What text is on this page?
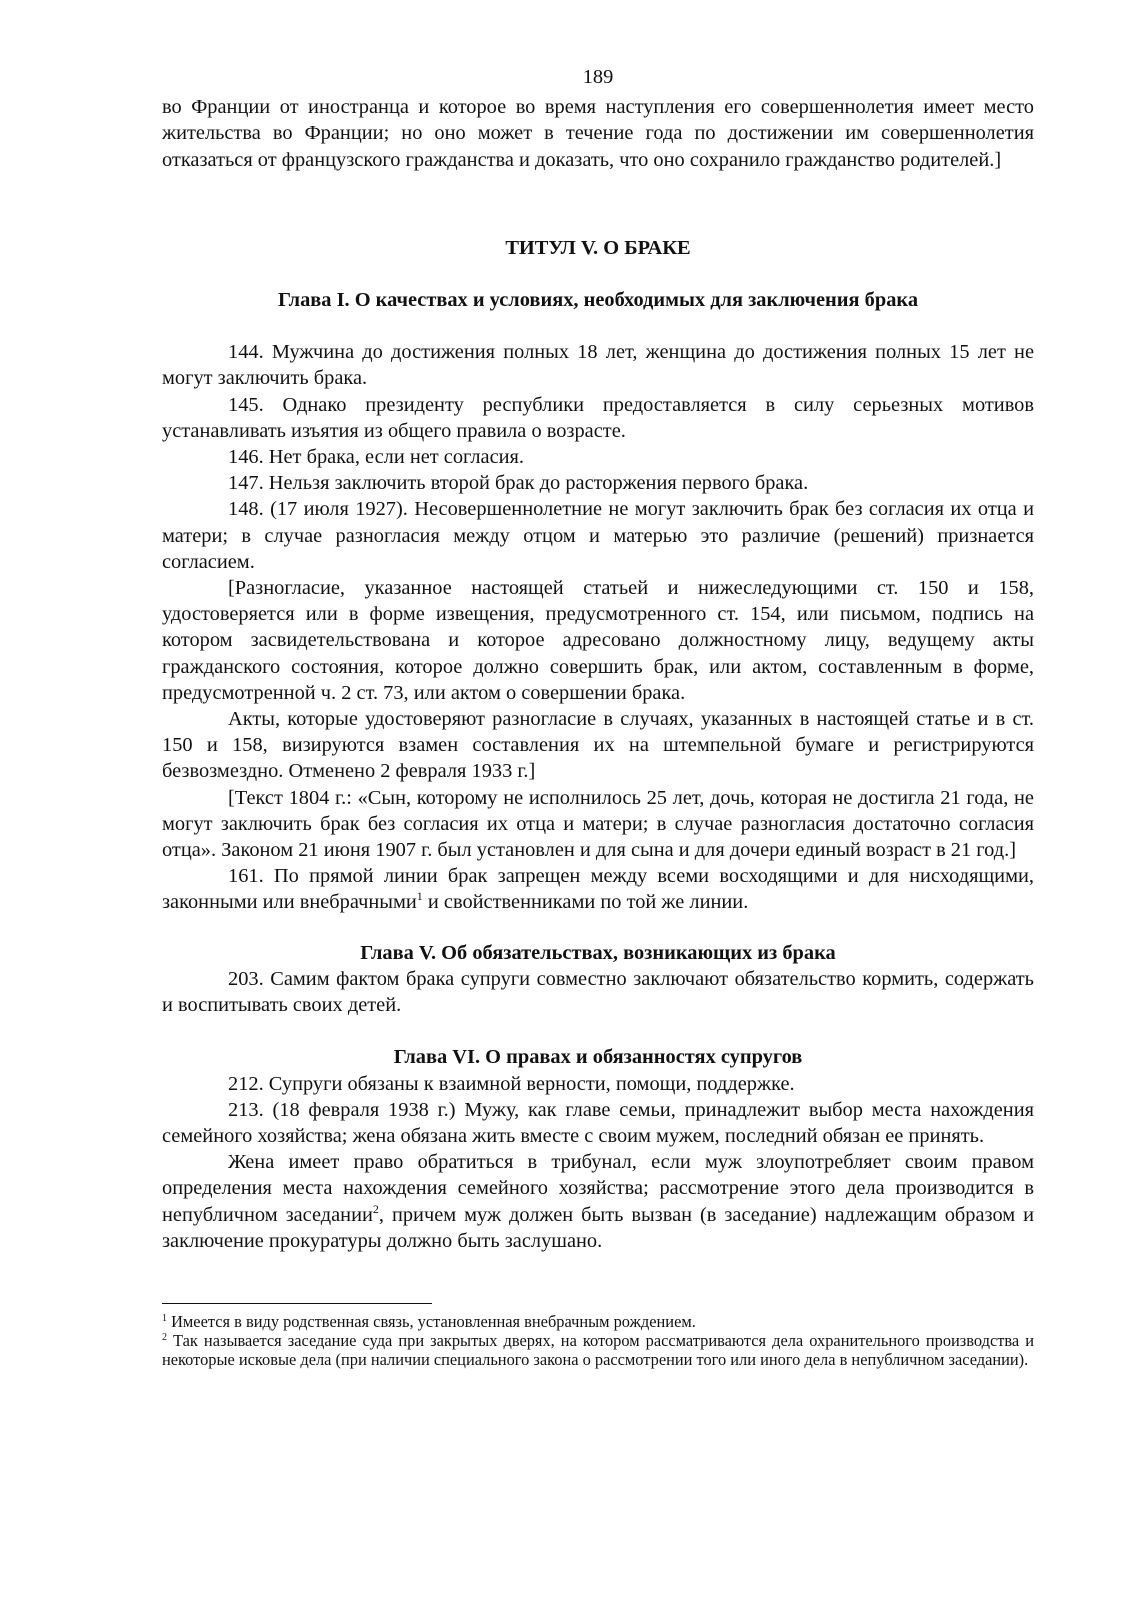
189

во Франции от иностранца и которое во время наступления его совершеннолетия имеет место жительства во Франции; но оно может в течение года по достижении им совершеннолетия отказаться от французского гражданства и доказать, что оно сохранило гражданство родителей.]

ТИТУЛ V. О БРАКЕ
Глава I. О качествах и условиях, необходимых для заключения брака

144. Мужчина до достижения полных 18 лет, женщина до достижения полных 15 лет не могут заключить брака.

145. Однако президенту республики предоставляется в силу серьезных мотивов устанавливать изъятия из общего правила о возрасте.

146. Нет брака, если нет согласия.

147. Нельзя заключить второй брак до расторжения первого брака.

148. (17 июля 1927). Несовершеннолетние не могут заключить брак без согласия их отца и матери; в случае разногласия между отцом и матерью это различие (решений) признается согласием.

[Разногласие, указанное настоящей статьей и нижеследующими ст. 150 и 158, удостоверяется или в форме извещения, предусмотренного ст. 154, или письмом, подпись на котором засвидетельствована и которое адресовано должностному лицу, ведущему акты гражданского состояния, которое должно совершить брак, или актом, составленным в форме, предусмотренной ч. 2 ст. 73, или актом о совершении брака.

Акты, которые удостоверяют разногласие в случаях, указанных в настоящей статье и в ст. 150 и 158, визируются взамен составления их на штемпельной бумаге и регистрируются безвозмездно. Отменено 2 февраля 1933 г.]

[Текст 1804 г.: «Сын, которому не исполнилось 25 лет, дочь, которая не достигла 21 года, не могут заключить брак без согласия их отца и матери; в случае разногласия достаточно согласия отца». Законом 21 июня 1907 г. был установлен и для сына и для дочери единый возраст в 21 год.]

161. По прямой линии брак запрещен между всеми восходящими и для нисходящими, законными или внебрачными$^1$ и свойственниками по той же линии.

Глава V. Об обязательствах, возникающих из брака

203. Самим фактом брака супруги совместно заключают обязательство кормить, содержать и воспитывать своих детей.

Глава VI. О правах и обязанностях супругов

212. Супруги обязаны к взаимной верности, помощи, поддержке.

213. (18 февраля 1938 г.) Мужу, как главе семьи, принадлежит выбор места нахождения семейного хозяйства; жена обязана жить вместе с своим мужем, последний обязан ее принять.

Жена имеет право обратиться в трибунал, если муж злоупотребляет своим правом определения места нахождения семейного хозяйства; рассмотрение этого дела производится в непубличном заседании$^2$, причем муж должен быть вызван (в заседание) надлежащим образом и заключение прокуратуры должно быть заслушано.

$^1$ Имеется в виду родственная связь, установленная внебрачным рождением.

$^2$ Так называется заседание суда при закрытых дверях, на котором рассматриваются дела охранительного производства и некоторые исковые дела (при наличии специального закона о рассмотрении того или иного дела в непубличном заседании).
